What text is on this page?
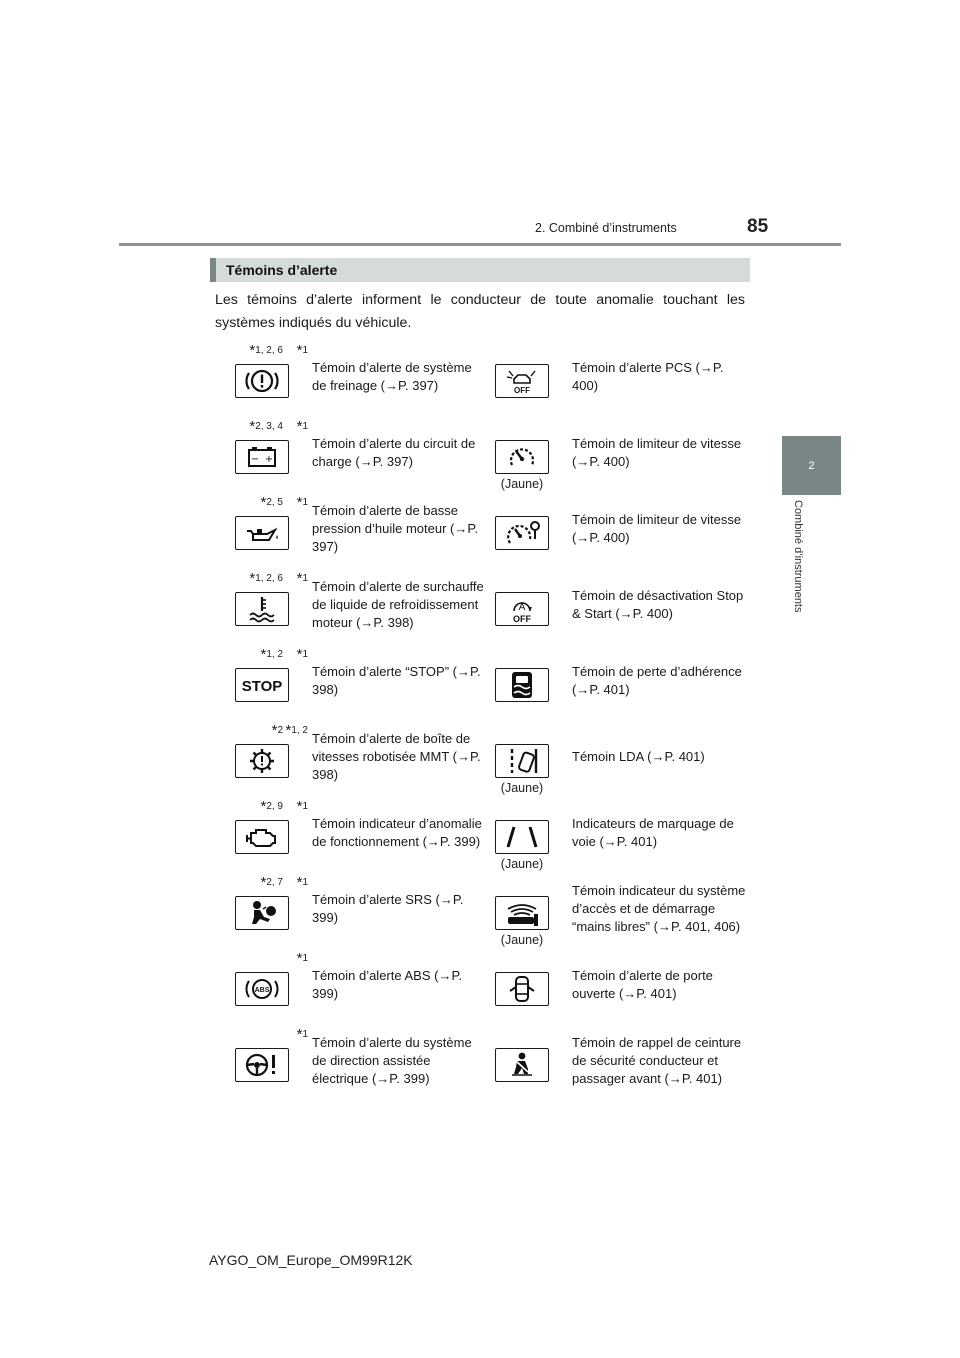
85
2. Combiné d’instruments
2
Combiné d’instruments
Témoins d’alerte
Les témoins d’alerte informent le conducteur de toute anomalie touchant les systèmes indiqués du véhicule.
*1
Témoin d’alerte de système de freinage (→P. 397)
*1, 2, 6
OFF
Témoin d’alerte PCS (→P. 400)
*1
− +
Témoin d’alerte du circuit de charge (→P. 397)
*2, 3, 4
(Jaune)
Témoin de limiteur de vitesse (→P. 400)
*1
Témoin d’alerte de basse pression d’huile moteur (→P. 397)
*2, 5
Témoin de limiteur de vitesse (→P. 400)
*1
Témoin d’alerte de surchauffe de liquide de refroidissement moteur (→P. 398)
*1, 2, 6
A
OFF
Témoin de désactivation Stop & Start (→P. 400)
*1
STOP
Témoin d’alerte “STOP” (→P. 398)
*1, 2
Témoin de perte d’adhérence (→P. 401)
*1, 2
Témoin d’alerte de boîte de vitesses robotisée MMT (→P. 398)
*2
(Jaune)
Témoin LDA (→P. 401)
*1
Témoin indicateur d’anomalie de fonctionnement (→P. 399)
*2, 9
(Jaune)
Indicateurs de marquage de voie (→P. 401)
*1
Témoin d’alerte SRS (→P. 399)
*2, 7
(Jaune)
Témoin indicateur du système d’accès et de démarrage “mains libres” (→P. 401, 406)
*1
ABS
Témoin d’alerte ABS (→P. 399)
Témoin d’alerte de porte ouverte (→P. 401)
*1
Témoin d’alerte du système de direction assistée électrique (→P. 399)
Témoin de rappel de ceinture de sécurité conducteur et passager avant (→P. 401)
AYGO_OM_Europe_OM99R12K
